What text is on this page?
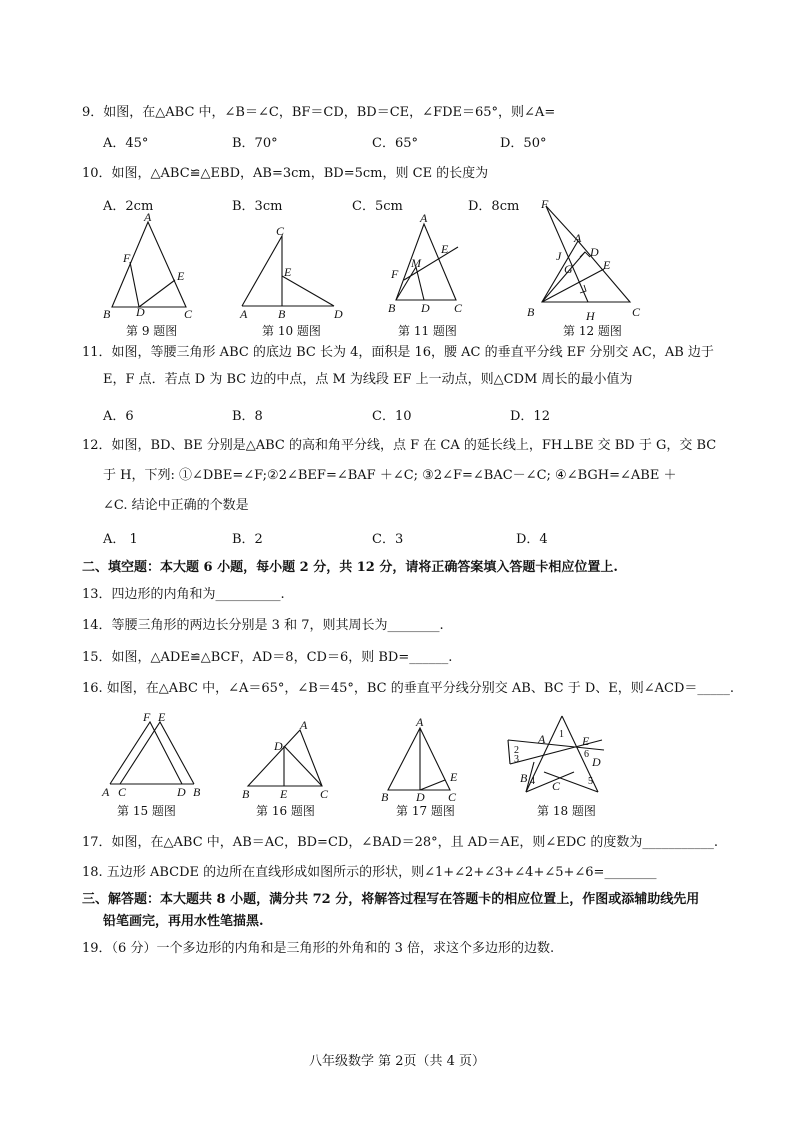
9．如图，在△ABC 中，∠B＝∠C，BF＝CD，BD＝CE，∠FDE＝65°，则∠A=
A．45°	B．70°	C．65°	D．50°
10．如图，△ABC≌△EBD，AB=3cm，BD=5cm，则 CE 的长度为
A．2cm	B．3cm	C．5cm	D．8cm
A
F
E
B D	C
第 9 题图
C
E
A	B	D
第 10 题图
A
E
M
F
B D C
第 11 题图
F
A
J D
G	E
B	H	C
第 12 题图
11．如图，等腰三角形 ABC 的底边 BC 长为 4，面积是 16，腰 AC 的垂直平分线 EF 分别交 AC，AB 边于
E，F 点．若点 D 为 BC 边的中点，点 M 为线段 EF 上一动点，则△CDM 周长的最小值为
A．6	B．8	C．10	D．12
12．如图，BD、BE 分别是△ABC 的高和角平分线，点 F 在 CA 的延长线上，FH⊥BE 交 BD 于 G，交 BC
于 H，下列: ①∠DBE=∠F;②2∠BEF=∠BAF ＋∠C; ③2∠F=∠BAC－∠C; ④∠BGH=∠ABE ＋
∠C. 结论中正确的个数是
A． 1	B．2	C．3	D．4
二、填空题：本大题 6 小题，每小题 2 分，共 12 分，请将正确答案填入答题卡相应位置上.
13．四边形的内角和为__________.
14．等腰三角形的两边长分别是 3 和 7，则其周长为________.
15．如图，△ADE≌△BCF，AD＝8，CD＝6，则 BD=______.
16. 如图，在△ABC 中，∠A＝65°，∠B＝45°，BC 的垂直平分线分别交 AB、BC 于 D、E，则∠ACD＝_____.
F E
A C	D B
第 15 题图
A
D
B	E	C
第 16 题图
A
E
B D C
第 17 题图
A 1 E
6
D
2
3
B 4 C	5
第 18 题图
17．如图，在△ABC 中，AB＝AC，BD=CD，∠BAD＝28°，且 AD＝AE，则∠EDC 的度数为___________.
18. 五边形 ABCDE 的边所在直线形成如图所示的形状，则∠1+∠2+∠3+∠4+∠5+∠6=________
三、解答题：本大题共 8 小题，满分共 72 分，将解答过程写在答题卡的相应位置上，作图或添辅助线先用
铅笔画完，再用水性笔描黑.
19．（6 分）一个多边形的内角和是三角形的外角和的 3 倍，求这个多边形的边数.
八年级数学 第 2页（共 4 页）
